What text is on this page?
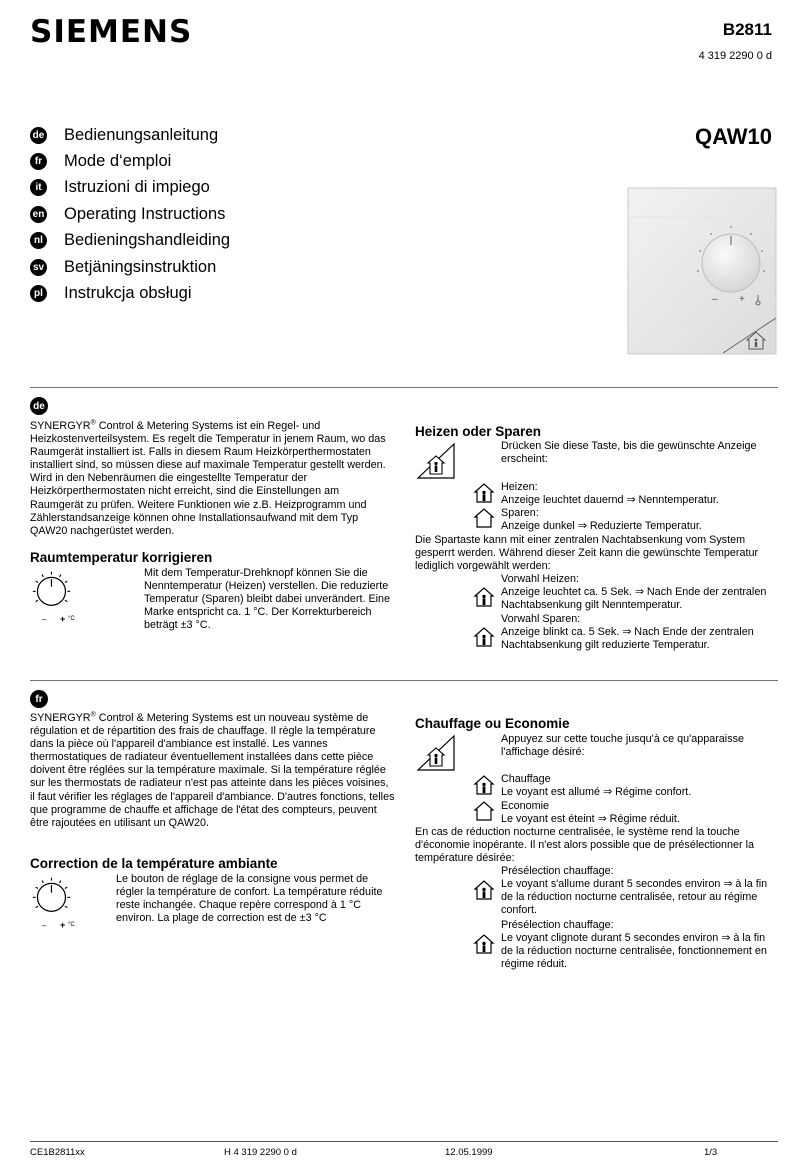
SIEMENS	B2811
4 319 2290 0 d
QAW10
de Bedienungsanleitung
fr Mode d‘emploi
it	Istruzioni di impiego
en Operating Instructions
nl Bedieningshandleiding
sv Betjäningsinstruktion
pl Instrukcja obsługi	– +
de
SYNERGYR® Control & Metering Systems ist ein Regel- und Heizkostenverteilsystem. Es regelt die Temperatur in jenem Raum, wo das Raumgerät installiert ist. Falls in diesem Raum Heizkörperthermostaten installiert sind, so müssen diese auf maximale Temperatur gestellt werden. Wird in den Nebenräumen die eingestellte Temperatur der Heizkörperthermostaten nicht erreicht, sind die Einstellungen am Raumgerät zu prüfen. Weitere Funktionen wie z.B. Heizprogramm und Zählerstandsanzeige können ohne Installationsaufwand mit dem Typ QAW20 nachgerüstet werden.
Raumtemperatur korrigieren
– + °C
Mit dem Temperatur-Drehknopf können Sie die Nenntemperatur (Heizen) verstellen. Die reduzierte Temperatur (Sparen) bleibt dabei unverändert. Eine Marke entspricht ca. 1 °C. Der Korrekturbereich beträgt ±3 °C.
Heizen oder Sparen
Drücken Sie diese Taste, bis die gewünschte Anzeige erscheint:
Heizen:
Anzeige leuchtet dauernd ⇒ Nenntemperatur.
Sparen:
Anzeige dunkel ⇒ Reduzierte Temperatur.
Die Spartaste kann mit einer zentralen Nachtabsenkung vom System gesperrt werden. Während dieser Zeit kann die gewünschte Temperatur lediglich vorgewählt werden:
Vorwahl Heizen:
Anzeige leuchtet ca. 5 Sek. ⇒ Nach Ende der zentralen Nachtabsenkung gilt Nenntemperatur.
Vorwahl Sparen:
Anzeige blinkt ca. 5 Sek. ⇒ Nach Ende der zentralen Nachtabsenkung gilt reduzierte Temperatur.
fr
SYNERGYR® Control & Metering Systems est un nouveau système de régulation et de répartition des frais de chauffage. Il règle la température dans la pièce où l'appareil d'ambiance est installé. Les vannes thermostatiques de radiateur éventuellement installées dans cette pièce doivent être réglées sur la température maximale. Si la température réglée sur les thermostats de radiateur n'est pas atteinte dans les pièces voisines, il faut vérifier les réglages de l'appareil d'ambiance. D'autres fonctions, telles que programme de chauffe et affichage de l'état des compteurs, peuvent être rajoutées en utilisant un QAW20.
Correction de la température ambiante
– + °C
Le bouton de réglage de la consigne vous permet de régler la température de confort. La température réduite reste inchangée. Chaque repère correspond à 1 °C environ. La plage de correction est de ±3 °C
Chauffage ou Economie
Appuyez sur cette touche jusqu'à ce qu'apparaisse l'affichage désiré:
Chauffage
Le voyant est allumé ⇒ Régime confort.
Economie
Le voyant est éteint ⇒ Régime réduit.
En cas de réduction nocturne centralisée, le système rend la touche d'économie inopérante. Il n'est alors possible que de présélectionner la température désirée:
Présélection chauffage:
Le voyant s'allume durant 5 secondes environ ⇒ à la fin de la réduction nocturne centralisée, retour au régime confort.
Présélection chauffage:
Le voyant clignote durant 5 secondes environ ⇒ à la fin de la réduction nocturne centralisée, fonctionnement en régime réduit.
CE1B2811xx	H 4 319 2290 0 d	12.05.1999	1/3
